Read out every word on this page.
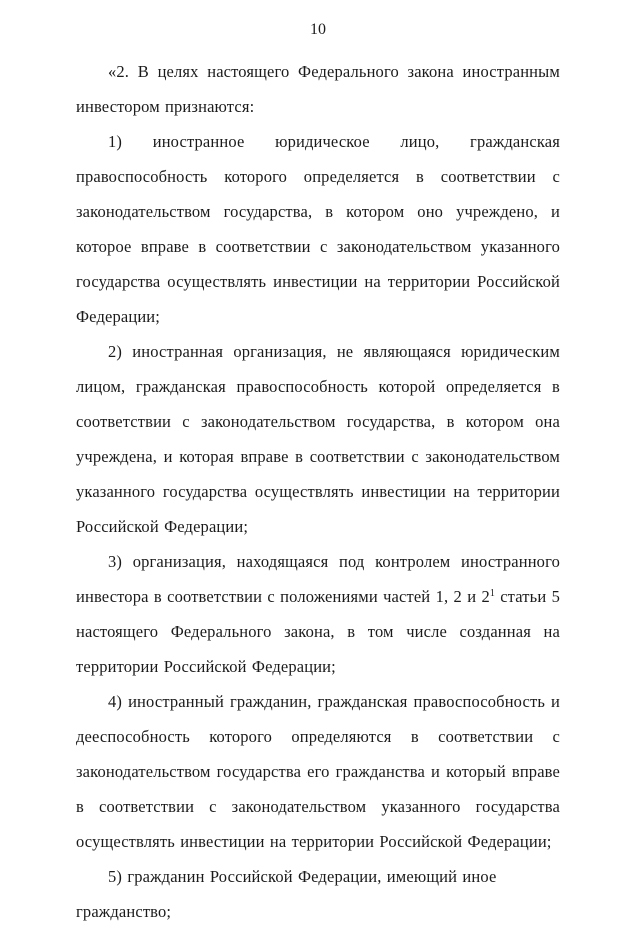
10

«2. В целях настоящего Федерального закона иностранным инвестором признаются:

1) иностранное юридическое лицо, гражданская правоспособность которого определяется в соответствии с законодательством государства, в котором оно учреждено, и которое вправе в соответствии с законодательством указанного государства осуществлять инвестиции на территории Российской Федерации;

2) иностранная организация, не являющаяся юридическим лицом, гражданская правоспособность которой определяется в соответствии с законодательством государства, в котором она учреждена, и которая вправе в соответствии с законодательством указанного государства осуществлять инвестиции на территории Российской Федерации;

3) организация, находящаяся под контролем иностранного инвестора в соответствии с положениями частей 1, 2 и 2$^1$ статьи 5 настоящего Федерального закона, в том числе созданная на территории Российской Федерации;

4) иностранный гражданин, гражданская правоспособность и дееспособность которого определяются в соответствии с законодательством государства его гражданства и который вправе в соответствии с законодательством указанного государства осуществлять инвестиции на территории Российской Федерации;

5) гражданин Российской Федерации, имеющий иное гражданство;
